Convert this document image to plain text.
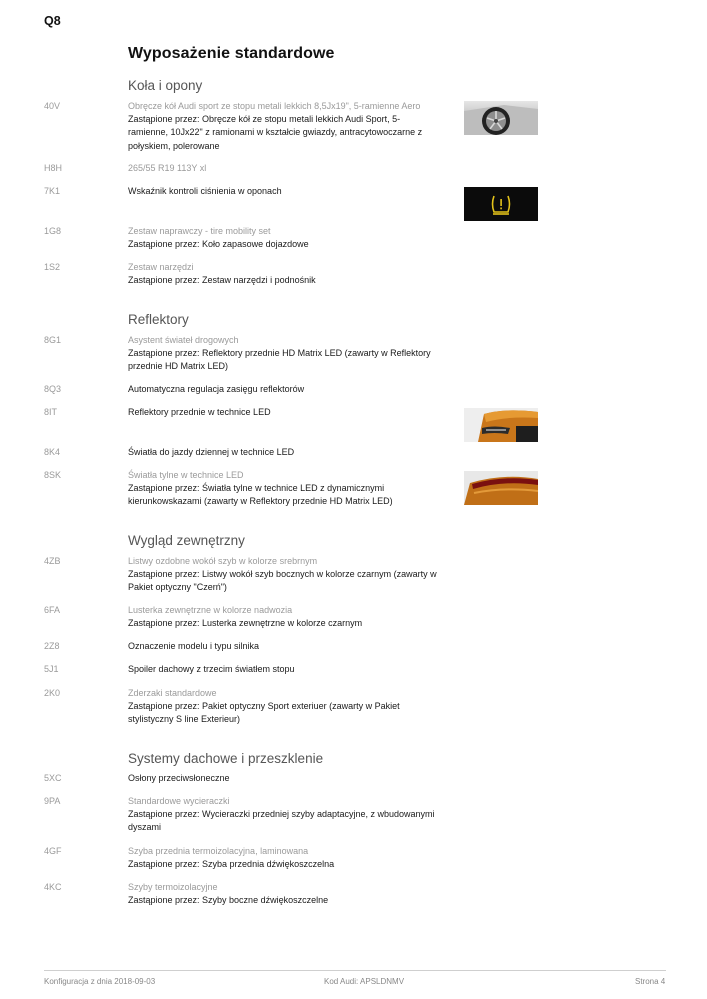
Q8
Wyposażenie standardowe
Koła i opony
40V	Obręcze kół Audi sport ze stopu metali lekkich 8,5Jx19", 5-ramienne Aero
Zastąpione przez: Obręcze kół ze stopu metali lekkich Audi Sport, 5-
ramienne, 10Jx22" z ramionami w kształcie gwiazdy, antracytowoczarne z
połyskiem, polerowane
H8H	265/55 R19 113Y xl
7K1	Wskaźnik kontroli ciśnienia w oponach
1G8	Zestaw naprawczy - tire mobility set
Zastąpione przez: Koło zapasowe dojazdowe
1S2	Zestaw narzędzi
Zastąpione przez: Zestaw narzędzi i podnośnik
Reflektory
8G1	Asystent świateł drogowych
Zastąpione przez: Reflektory przednie HD Matrix LED (zawarty w Reflektory
przednie HD Matrix LED)
8Q3	Automatyczna regulacja zasięgu reflektorów
8IT	Reflektory przednie w technice LED
8K4	Światła do jazdy dziennej w technice LED
8SK	Światła tylne w technice LED
Zastąpione przez: Światła tylne w technice LED z dynamicznymi
kierunkowskazami (zawarty w Reflektory przednie HD Matrix LED)
Wygląd zewnętrzny
4ZB	Listwy ozdobne wokół szyb w kolorze srebrnym
Zastąpione przez: Listwy wokół szyb bocznych w kolorze czarnym (zawarty w
Pakiet optyczny "Czerń")
6FA	Lusterka zewnętrzne w kolorze nadwozia
Zastąpione przez: Lusterka zewnętrzne w kolorze czarnym
2Z8	Oznaczenie modelu i typu silnika
5J1	Spoiler dachowy z trzecim światłem stopu
2K0	Zderzaki standardowe
Zastąpione przez: Pakiet optyczny Sport exteriuer (zawarty w Pakiet
stylistyczny S line Exterieur)
Systemy dachowe i przeszklenie
5XC	Osłony przeciwsłoneczne
9PA	Standardowe wycieraczki
Zastąpione przez: Wycieraczki przedniej szyby adaptacyjne, z wbudowanymi
dyszami
4GF	Szyba przednia termoizolacyjna, laminowana
Zastąpione przez: Szyba przednia dźwiękoszczelna
4KC	Szyby termoizolacyjne
Zastąpione przez: Szyby boczne dźwiękoszczelne
Konfiguracja z dnia 2018-09-03	Kod Audi: APSLDNMV	Strona 4
